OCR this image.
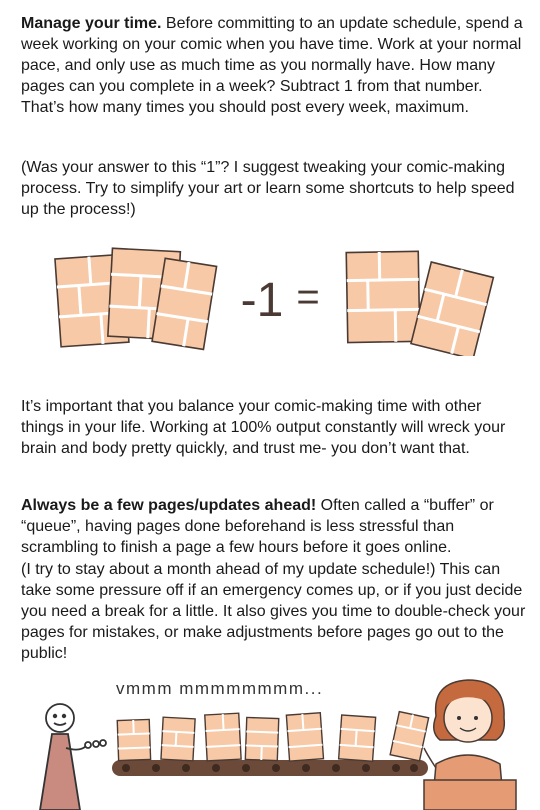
Manage your time. Before committing to an update schedule, spend a week working on your comic when you have time. Work at your normal pace, and only use as much time as you normally have. How many pages can you complete in a week? Subtract 1 from that number. That’s how many times you should post every week, maximum.

(Was your answer to this “1”? I suggest tweaking your comic-making process. Try to simplify your art or learn some shortcuts to help speed up the process!)

-1 =

It’s important that you balance your comic-making time with other things in your life. Working at 100% output constantly will wreck your brain and body pretty quickly, and trust me- you don’t want that.

Always be a few pages/updates ahead! Often called a “buffer” or “queue”, having pages done beforehand is less stressful than scrambling to finish a page a few hours before it goes online.

(I try to stay about a month ahead of my update schedule!) This can take some pressure off if an emergency comes up, or if you just decide you need a break for a little. It also gives you time to double-check your pages for mistakes, or make adjustments before pages go out to the public!

vmmm mmmmmmmm...
